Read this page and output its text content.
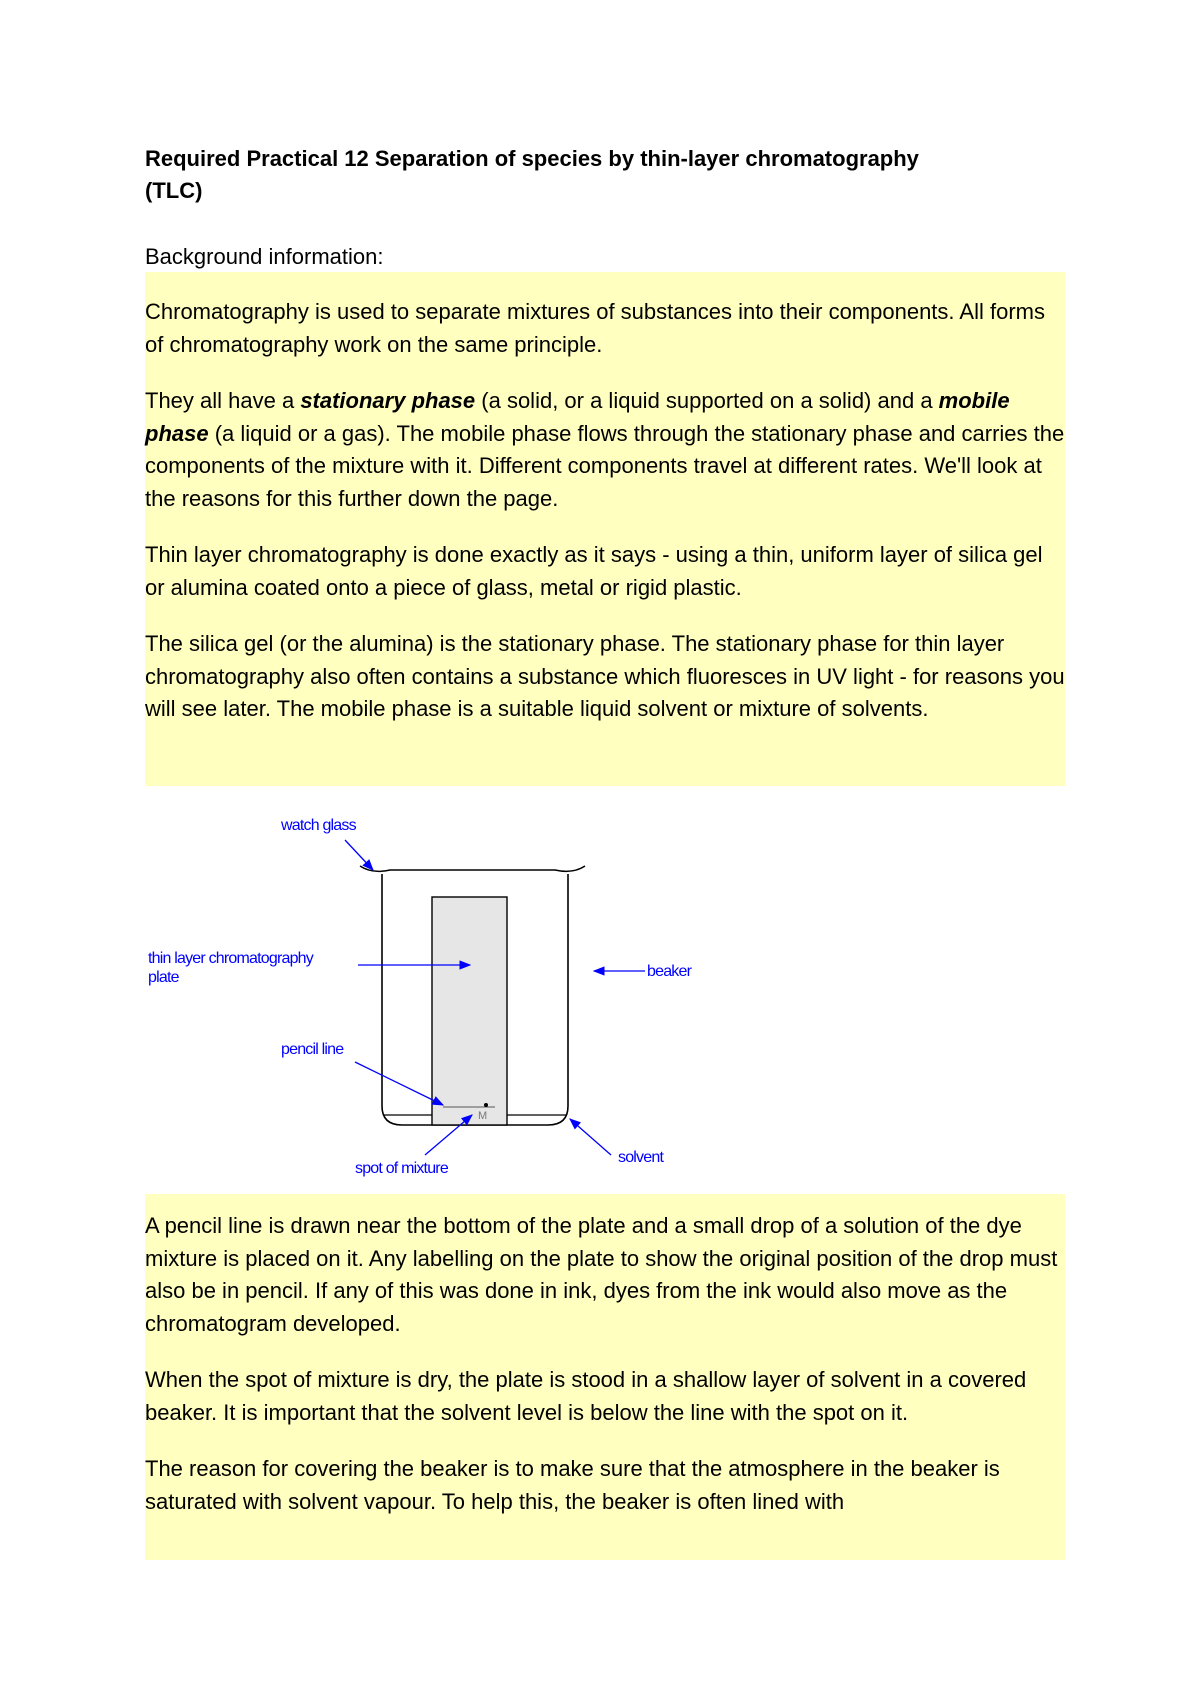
Required Practical 12 Separation of species by thin-layer chromatography
(TLC)

Background information:

Chromatography is used to separate mixtures of substances into their components. All forms of chromatography work on the same principle.

They all have a stationary phase (a solid, or a liquid supported on a solid) and a mobile phase (a liquid or a gas). The mobile phase flows through the stationary phase and carries the components of the mixture with it. Different components travel at different rates. We'll look at the reasons for this further down the page.

Thin layer chromatography is done exactly as it says - using a thin, uniform layer of silica gel or alumina coated onto a piece of glass, metal or rigid plastic.

The silica gel (or the alumina) is the stationary phase. The stationary phase for thin layer chromatography also often contains a substance which fluoresces in UV light - for reasons you will see later. The mobile phase is a suitable liquid solvent or mixture of solvents.

M
watch glass
thin layer chromatography
plate	beaker
pencil line
spot of mixture
solvent

A pencil line is drawn near the bottom of the plate and a small drop of a solution of the dye mixture is placed on it. Any labelling on the plate to show the original position of the drop must also be in pencil. If any of this was done in ink, dyes from the ink would also move as the chromatogram developed.

When the spot of mixture is dry, the plate is stood in a shallow layer of solvent in a covered beaker. It is important that the solvent level is below the line with the spot on it.

The reason for covering the beaker is to make sure that the atmosphere in the beaker is saturated with solvent vapour. To help this, the beaker is often lined with
